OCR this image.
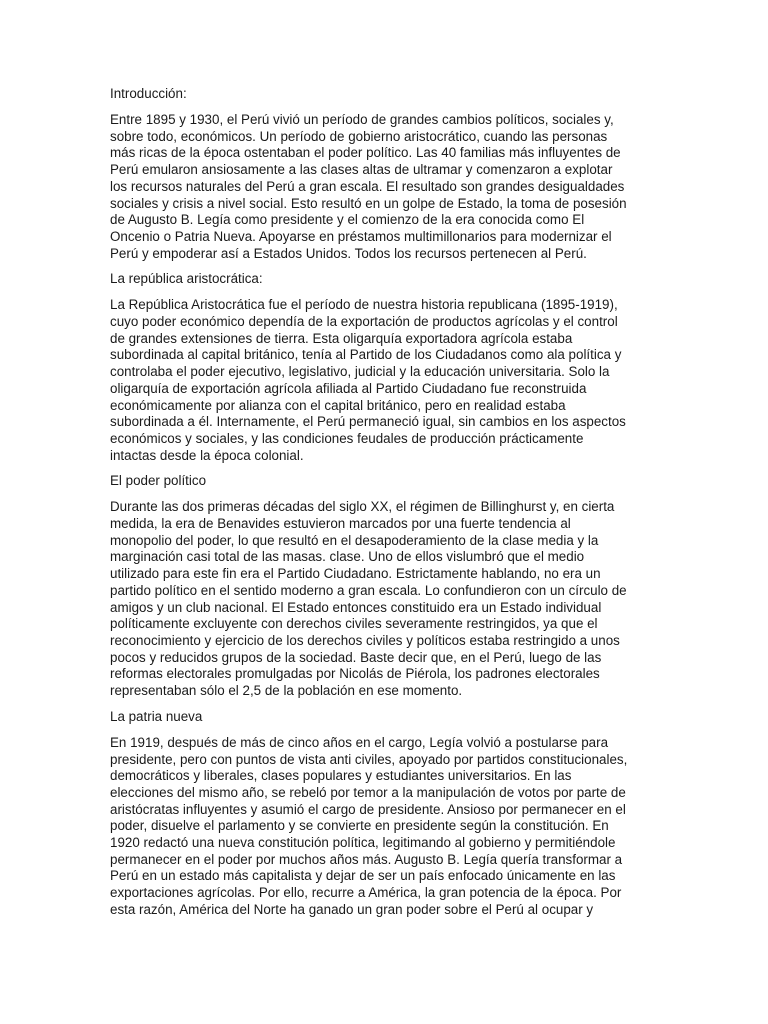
Introducción:

Entre 1895 y 1930, el Perú vivió un período de grandes cambios políticos, sociales y,
sobre todo, económicos. Un período de gobierno aristocrático, cuando las personas
más ricas de la época ostentaban el poder político. Las 40 familias más influyentes de
Perú emularon ansiosamente a las clases altas de ultramar y comenzaron a explotar
los recursos naturales del Perú a gran escala. El resultado son grandes desigualdades
sociales y crisis a nivel social. Esto resultó en un golpe de Estado, la toma de posesión
de Augusto B. Legía como presidente y el comienzo de la era conocida como El
Oncenio o Patria Nueva. Apoyarse en préstamos multimillonarios para modernizar el
Perú y empoderar así a Estados Unidos. Todos los recursos pertenecen al Perú.

La república aristocrática:

La República Aristocrática fue el período de nuestra historia republicana (1895-1919),
cuyo poder económico dependía de la exportación de productos agrícolas y el control
de grandes extensiones de tierra. Esta oligarquía exportadora agrícola estaba
subordinada al capital británico, tenía al Partido de los Ciudadanos como ala política y
controlaba el poder ejecutivo, legislativo, judicial y la educación universitaria. Solo la
oligarquía de exportación agrícola afiliada al Partido Ciudadano fue reconstruida
económicamente por alianza con el capital británico, pero en realidad estaba
subordinada a él. Internamente, el Perú permaneció igual, sin cambios en los aspectos
económicos y sociales, y las condiciones feudales de producción prácticamente
intactas desde la época colonial.

El poder político

Durante las dos primeras décadas del siglo XX, el régimen de Billinghurst y, en cierta
medida, la era de Benavides estuvieron marcados por una fuerte tendencia al
monopolio del poder, lo que resultó en el desapoderamiento de la clase media y la
marginación casi total de las masas. clase. Uno de ellos vislumbró que el medio
utilizado para este fin era el Partido Ciudadano. Estrictamente hablando, no era un
partido político en el sentido moderno a gran escala. Lo confundieron con un círculo de
amigos y un club nacional. El Estado entonces constituido era un Estado individual
políticamente excluyente con derechos civiles severamente restringidos, ya que el
reconocimiento y ejercicio de los derechos civiles y políticos estaba restringido a unos
pocos y reducidos grupos de la sociedad. Baste decir que, en el Perú, luego de las
reformas electorales promulgadas por Nicolás de Piérola, los padrones electorales
representaban sólo el 2,5 de la población en ese momento.

La patria nueva

En 1919, después de más de cinco años en el cargo, Legía volvió a postularse para
presidente, pero con puntos de vista anti civiles, apoyado por partidos constitucionales,
democráticos y liberales, clases populares y estudiantes universitarios. En las
elecciones del mismo año, se rebeló por temor a la manipulación de votos por parte de
aristócratas influyentes y asumió el cargo de presidente. Ansioso por permanecer en el
poder, disuelve el parlamento y se convierte en presidente según la constitución. En
1920 redactó una nueva constitución política, legitimando al gobierno y permitiéndole
permanecer en el poder por muchos años más. Augusto B. Legía quería transformar a
Perú en un estado más capitalista y dejar de ser un país enfocado únicamente en las
exportaciones agrícolas. Por ello, recurre a América, la gran potencia de la época. Por
esta razón, América del Norte ha ganado un gran poder sobre el Perú al ocupar y
